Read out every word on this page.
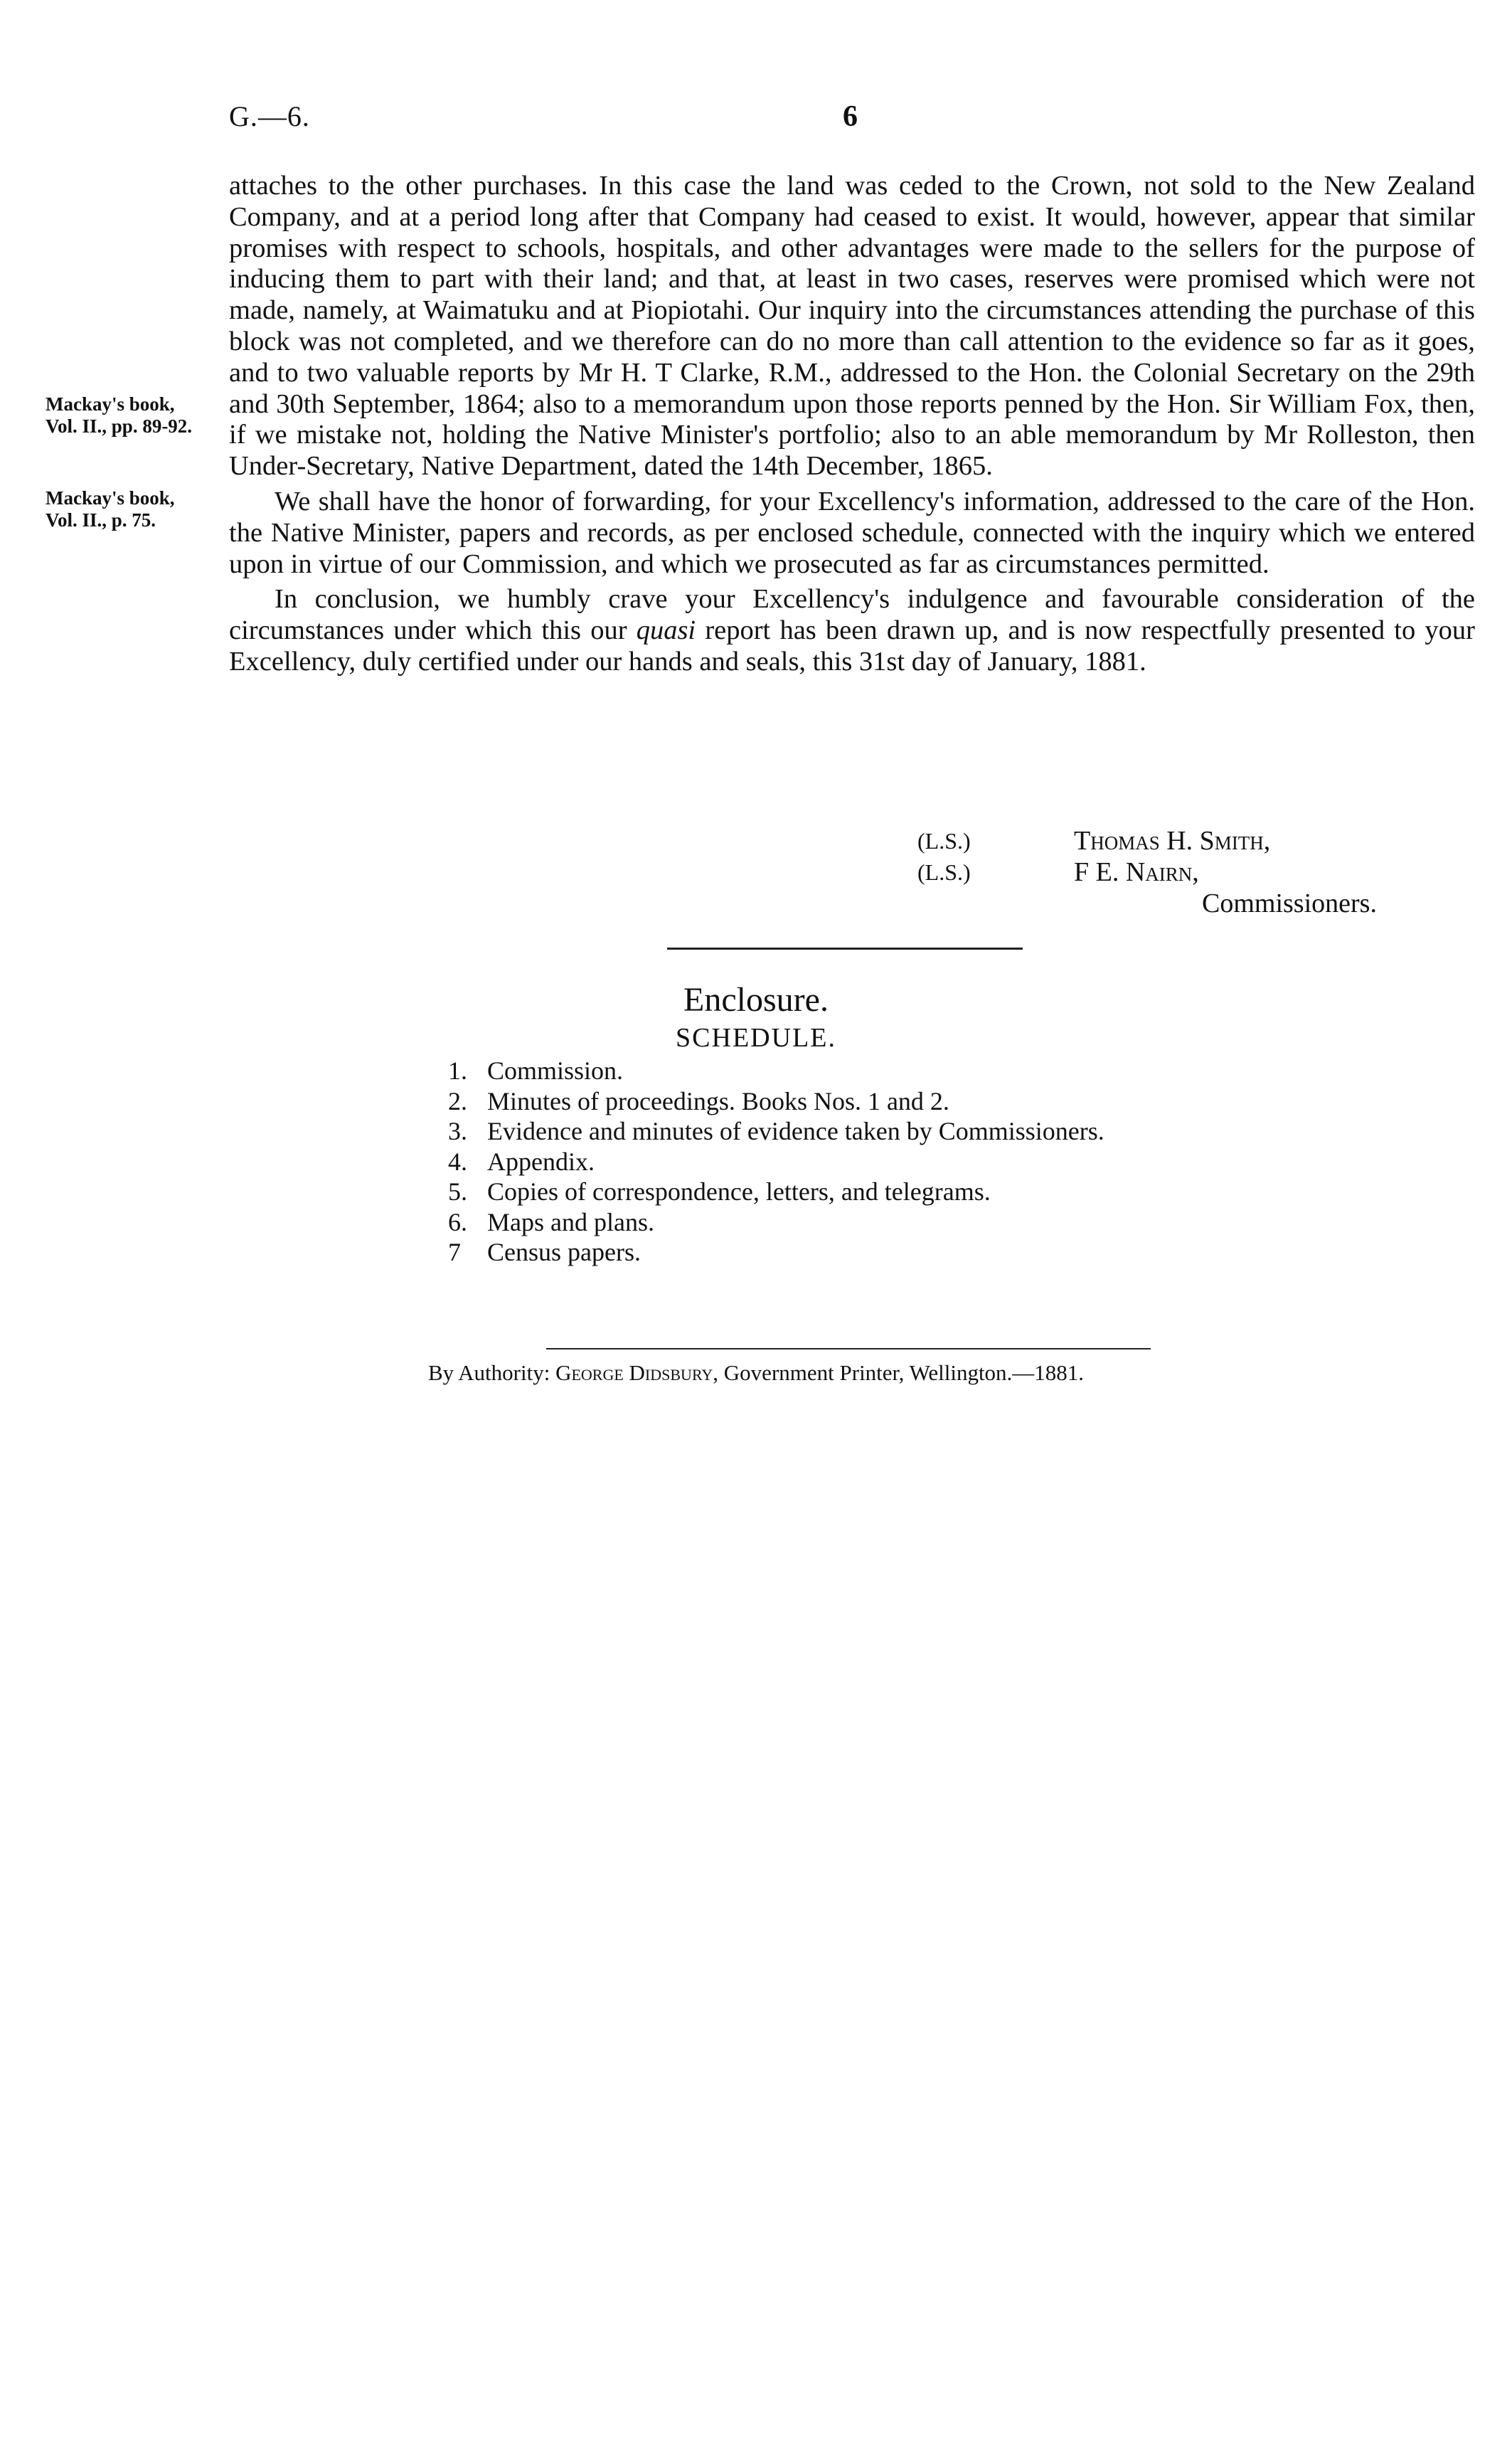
G.—6.	6
Mackay's book, Vol. II., pp. 89-92.
Mackay's book, Vol. II., p. 75.

attaches to the other purchases. In this case the land was ceded to the Crown, not sold to the New Zealand Company, and at a period long after that Company had ceased to exist. It would, however, appear that similar promises with respect to schools, hospitals, and other advantages were made to the sellers for the purpose of inducing them to part with their land; and that, at least in two cases, reserves were promised which were not made, namely, at Waimatuku and at Piopiotahi. Our inquiry into the circumstances attending the purchase of this block was not completed, and we therefore can do no more than call attention to the evidence so far as it goes, and to two valuable reports by Mr H. T Clarke, R.M., addressed to the Hon. the Colonial Secretary on the 29th and 30th September, 1864; also to a memorandum upon those reports penned by the Hon. Sir William Fox, then, if we mistake not, holding the Native Minister's portfolio; also to an able memorandum by Mr Rolleston, then Under-Secretary, Native Department, dated the 14th December, 1865.

We shall have the honor of forwarding, for your Excellency's information, addressed to the care of the Hon. the Native Minister, papers and records, as per enclosed schedule, connected with the inquiry which we entered upon in virtue of our Commission, and which we prosecuted as far as circumstances permitted.

In conclusion, we humbly crave your Excellency's indulgence and favourable consideration of the circumstances under which this our quasi report has been drawn up, and is now respectfully presented to your Excellency, duly certified under our hands and seals, this 31st day of January, 1881.

(L.S.)	Thomas H. Smith,
(L.S.)	F E. Nairn,
Commissioners.
Enclosure.
SCHEDULE.
1. Commission.
2. Minutes of proceedings. Books Nos. 1 and 2.
3. Evidence and minutes of evidence taken by Commissioners.
4. Appendix.
5. Copies of correspondence, letters, and telegrams.
6. Maps and plans.
7	Census papers.
By Authority: George Didsbury, Government Printer, Wellington.—1881.
